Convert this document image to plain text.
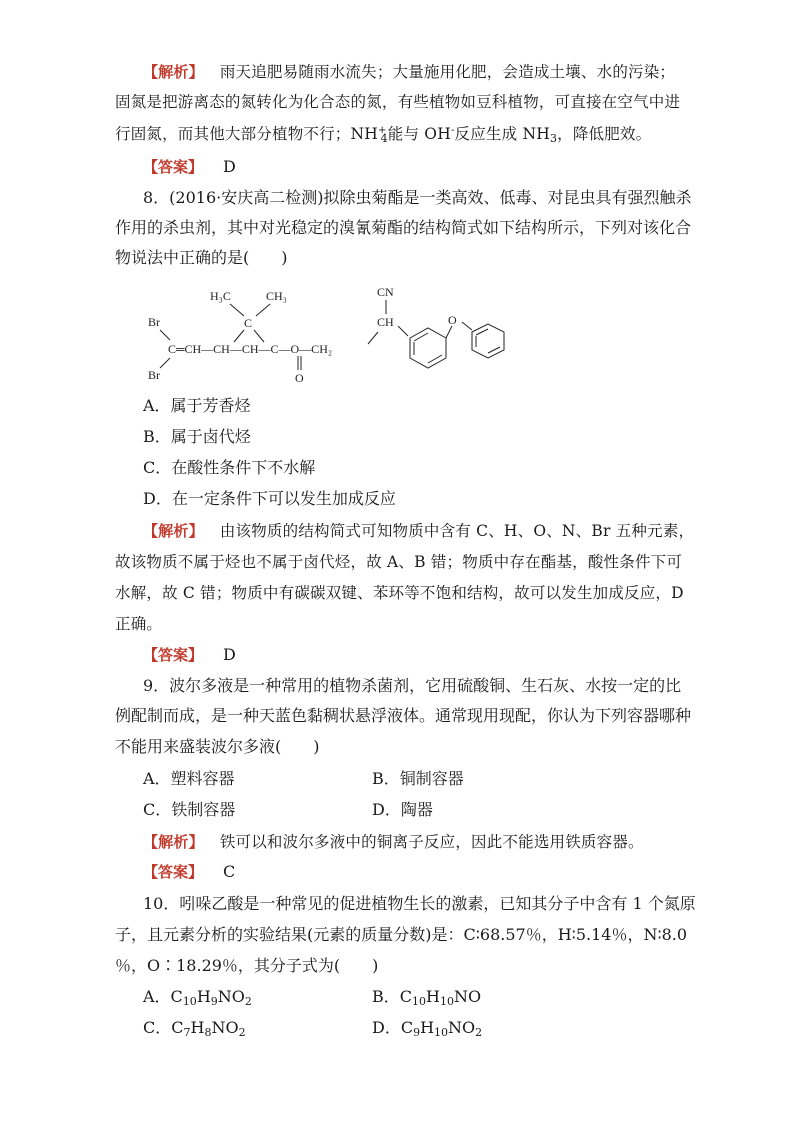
【解析】 雨天追肥易随雨水流失；大量施用化肥，会造成土壤、水的污染；
固氮是把游离态的氮转化为化合态的氮，有些植物如豆科植物，可直接在空气中进
行固氮，而其他大部分植物不行；$NH^+_4$能与 OH-反应生成 $NH_3$，降低肥效。
【答案】 D
8．(2016·安庆高二检测)拟除虫菊酯是一类高效、低毒、对昆虫具有强烈触杀
作用的杀虫剂，其中对光稳定的溴氰菊酯的结构简式如下结构所示，下列对该化合
物说法中正确的是(　　)
H₃C	CH₃
C
Br
Br
C═CH—CH—CH—C—O—CH₂
O
CN
CH	O
A．属于芳香烃
B．属于卤代烃
C．在酸性条件下不水解
D．在一定条件下可以发生加成反应
【解析】 由该物质的结构简式可知物质中含有 C、H、O、N、Br 五种元素，
故该物质不属于烃也不属于卤代烃，故 A、B 错；物质中存在酯基，酸性条件下可
水解，故 C 错；物质中有碳碳双键、苯环等不饱和结构，故可以发生加成反应，D
正确。
【答案】 D
9．波尔多液是一种常用的植物杀菌剂，它用硫酸铜、生石灰、水按一定的比
例配制而成，是一种天蓝色黏稠状悬浮液体。通常现用现配，你认为下列容器哪种
不能用来盛装波尔多液(　　)
A．塑料容器	B．铜制容器
C．铁制容器	D．陶器
【解析】 铁可以和波尔多液中的铜离子反应，因此不能选用铁质容器。
【答案】 C
10．吲哚乙酸是一种常见的促进植物生长的激素，已知其分子中含有 1 个氮原
子，且元素分析的实验结果(元素的质量分数)是：C∶68.57％，H∶5.14％，N∶8.0
％，O∶18.29％，其分子式为(　　)
A．$C_{10}H_9NO_2$	B．$C_{10}H_{10}NO$
C．$C_7H_8NO_2$	D．$C_9H_{10}NO_2$
